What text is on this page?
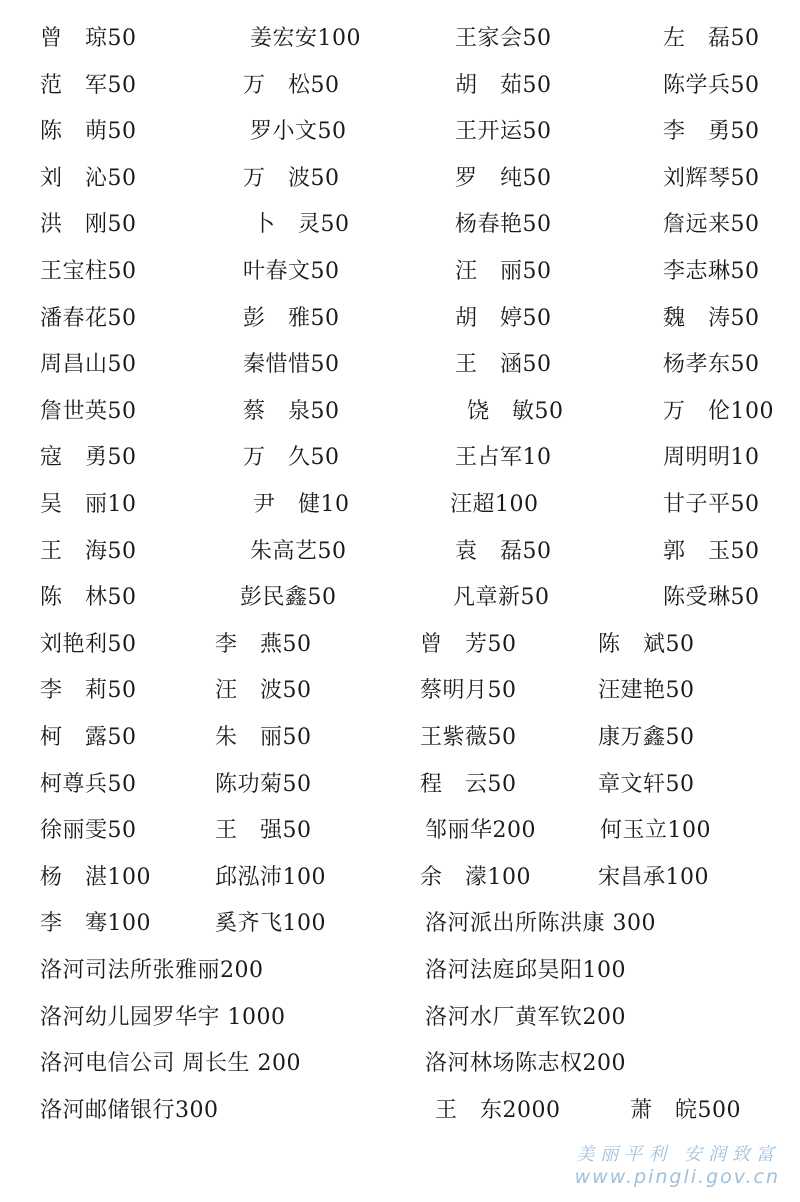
曾　琼50	姜宏安100	王家会50	左　磊50
范　军50	万　松50	胡　茹50	陈学兵50
陈　萌50	罗小文50	王开运50	李　勇50
刘　沁50	万　波50	罗　纯50	刘辉琴50
洪　刚50	卜　灵50	杨春艳50	詹远来50
王宝柱50	叶春文50	汪　丽50	李志琳50
潘春花50	彭　雅50	胡　婷50	魏　涛50
周昌山50	秦惜惜50	王　涵50	杨孝东50
詹世英50	蔡　泉50	饶　敏50	万　伦100
寇　勇50	万　久50	王占军10	周明明10
吴　丽10	尹　健10	汪超100	甘子平50
王　海50	朱高艺50	袁　磊50	郭　玉50
陈　林50	彭民鑫50	凡章新50	陈受琳50
刘艳利50	李　燕50	曾　芳50	陈　斌50
李　莉50	汪　波50	蔡明月50	汪建艳50
柯　露50	朱　丽50	王紫薇50	康万鑫50
柯尊兵50	陈功菊50	程　云50	章文轩50
徐丽雯50	王　强50	邹丽华200	何玉立100
杨　湛100	邱泓沛100	余　濛100	宋昌承100
李　骞100	奚齐飞100	洛河派出所陈洪康 300
洛河司法所张雅丽200	洛河法庭邱昊阳100
洛河幼儿园罗华宇 1000	洛河水厂黄军钦200
洛河电信公司 周长生 200	洛河林场陈志权200
洛河邮储银行300	王　东2000	萧　皖500
美丽平利 安润致富
www.pingli.gov.cn
